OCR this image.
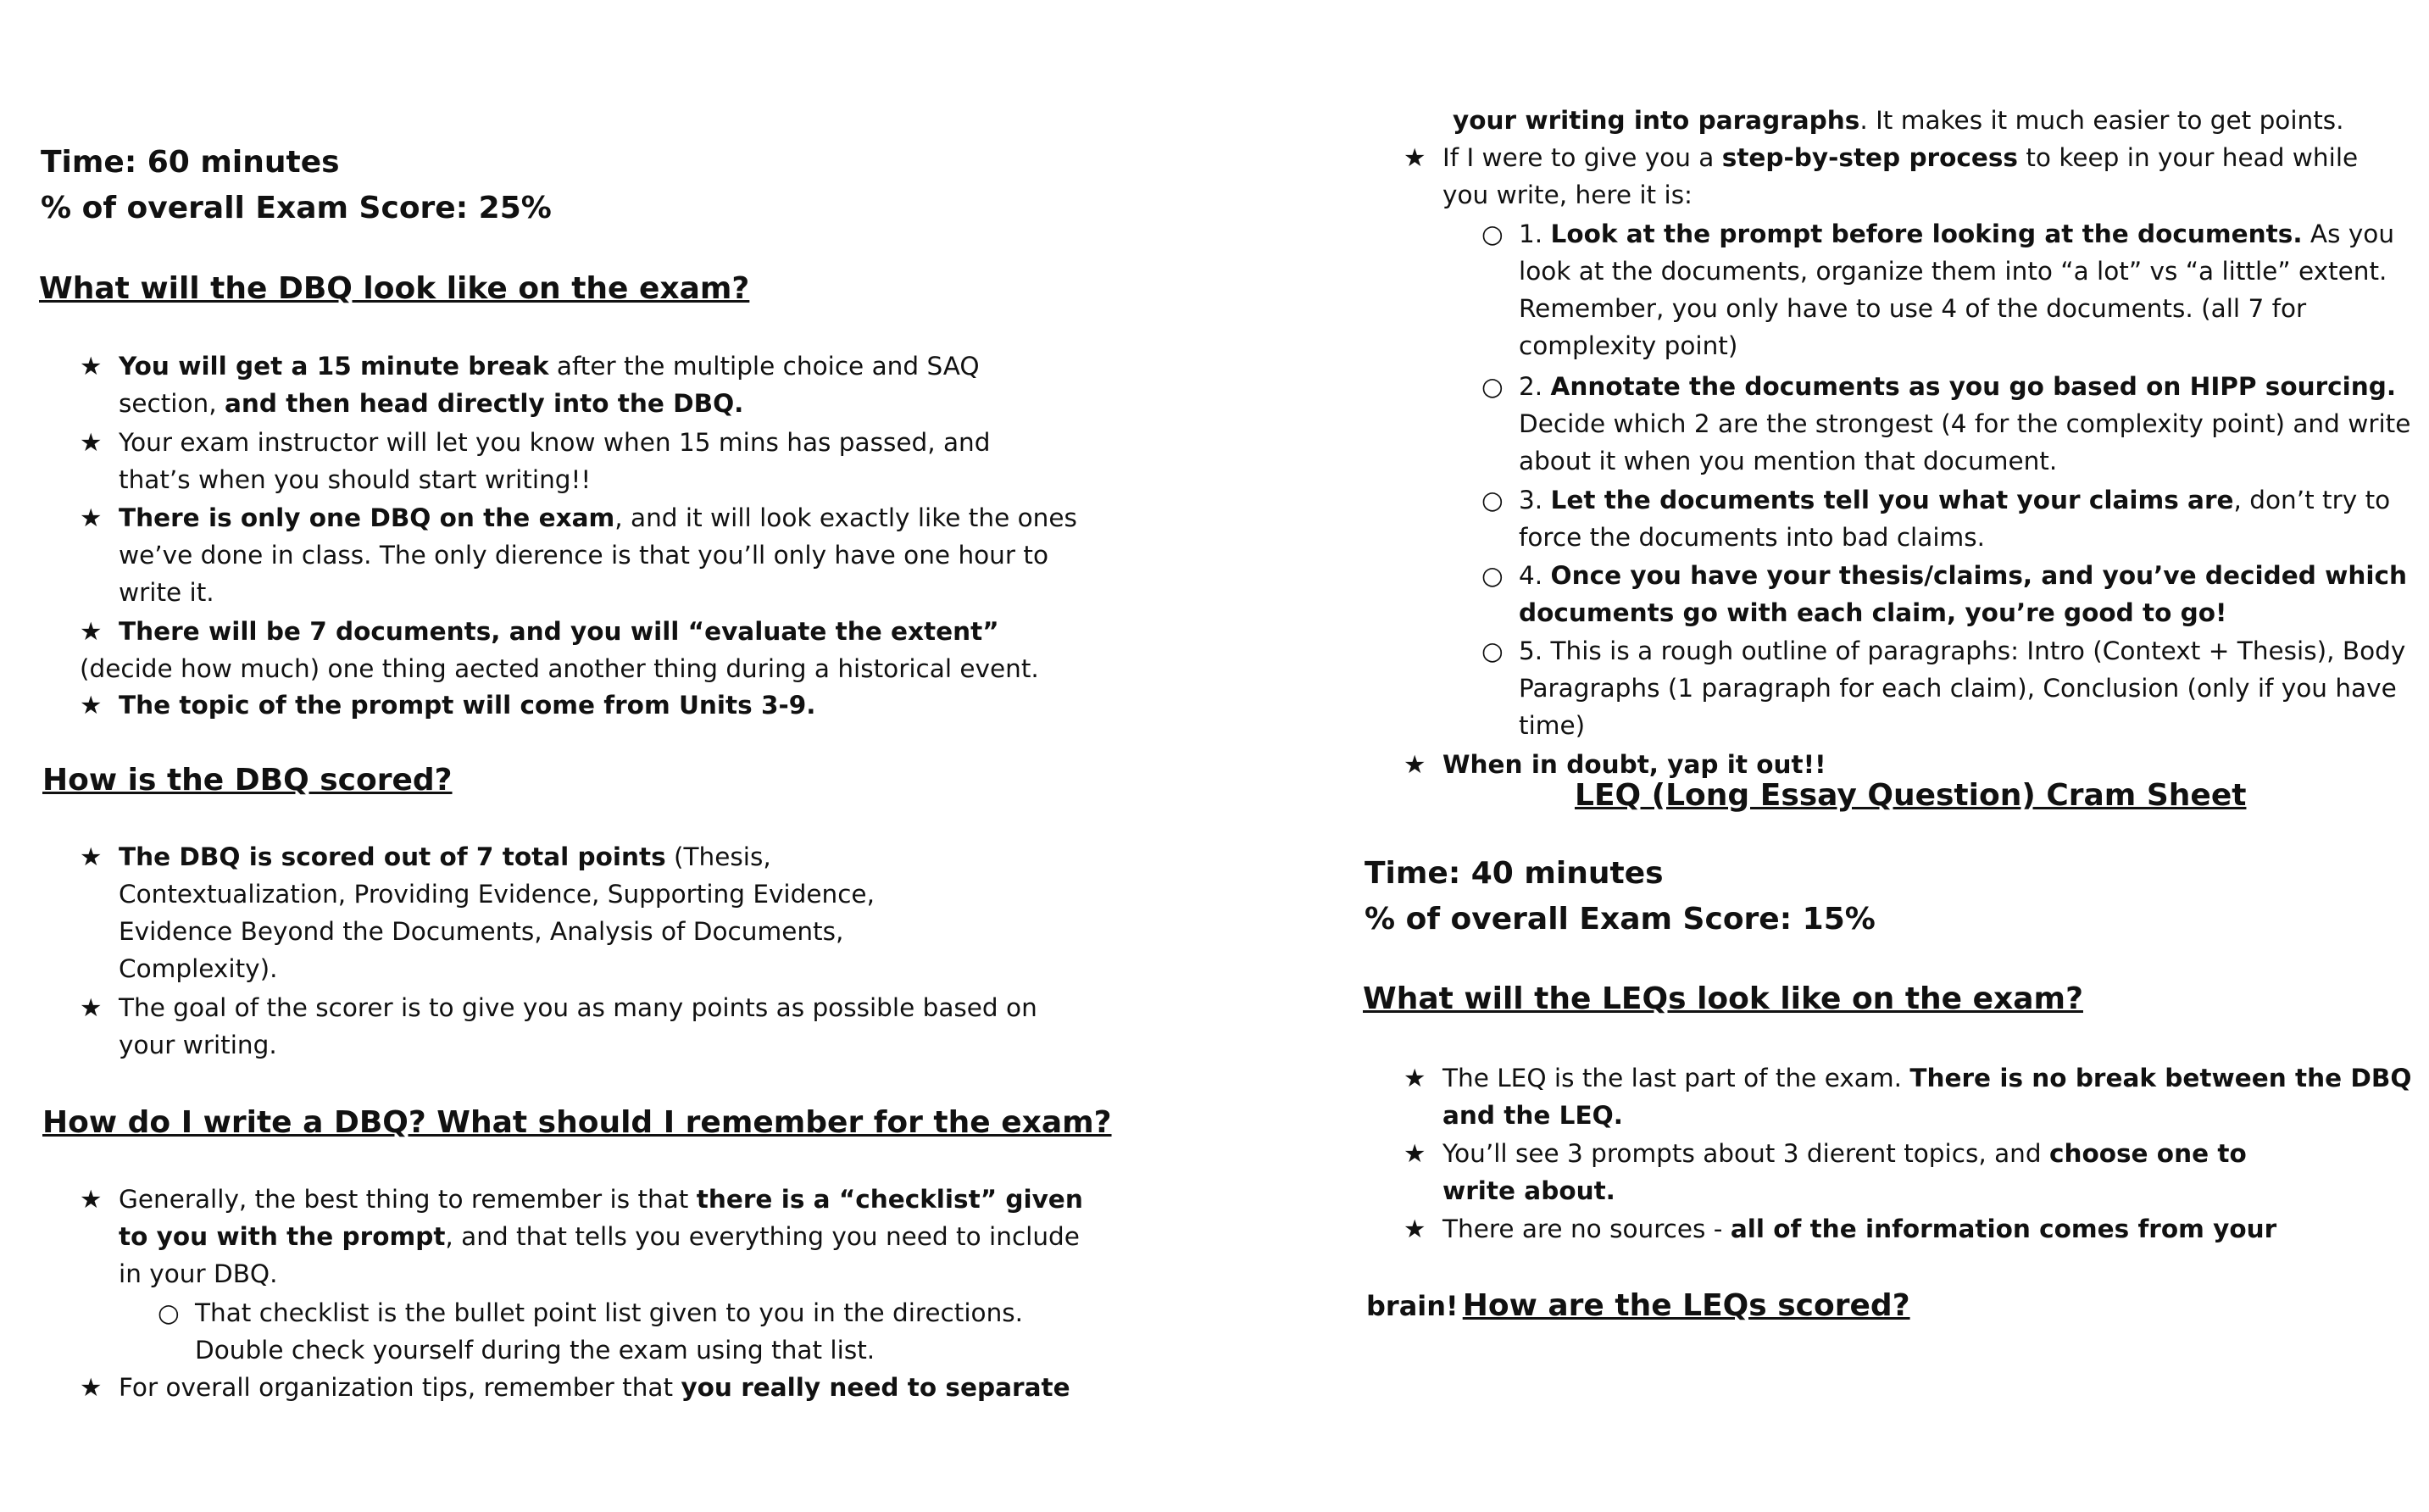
Time: 60 minutes
% of overall Exam Score: 25%
What will the DBQ look like on the exam?
★ You will get a 15 minute break after the multiple choice and SAQ section, and then head directly into the DBQ.
★ Your exam instructor will let you know when 15 mins has passed, and that’s when you should start writing!!
★ There is only one DBQ on the exam, and it will look exactly like the ones we’ve done in class. The only dierence is that you’ll only have one hour to write it.
★ There will be 7 documents, and you will “evaluate the extent”
(decide how much) one thing aected another thing during a historical event.
★ The topic of the prompt will come from Units 3-9.
How is the DBQ scored?
★ The DBQ is scored out of 7 total points (Thesis, Contextualization, Providing Evidence, Supporting Evidence, Evidence Beyond the Documents, Analysis of Documents, Complexity).
★ The goal of the scorer is to give you as many points as possible based on your writing.
How do I write a DBQ? What should I remember for the exam?
★ Generally, the best thing to remember is that there is a “checklist” given to you with the prompt, and that tells you everything you need to include in your DBQ.
○ That checklist is the bullet point list given to you in the directions. Double check yourself during the exam using that list.
★ For overall organization tips, remember that you really need to separate
your writing into paragraphs. It makes it much easier to get points.
★ If I were to give you a step-by-step process to keep in your head while you write, here it is:
○ 1. Look at the prompt before looking at the documents. As you look at the documents, organize them into “a lot” vs “a little” extent. Remember, you only have to use 4 of the documents. (all 7 for complexity point)
○ 2. Annotate the documents as you go based on HIPP sourcing. Decide which 2 are the strongest (4 for the complexity point) and write about it when you mention that document.
○ 3. Let the documents tell you what your claims are, don’t try to force the documents into bad claims.
○ 4. Once you have your thesis/claims, and you’ve decided which documents go with each claim, you’re good to go!
○ 5. This is a rough outline of paragraphs: Intro (Context + Thesis), Body Paragraphs (1 paragraph for each claim), Conclusion (only if you have time)
★ When in doubt, yap it out!!
LEQ (Long Essay Question) Cram Sheet
Time: 40 minutes
% of overall Exam Score: 15%
What will the LEQs look like on the exam?
★ The LEQ is the last part of the exam. There is no break between the DBQ and the LEQ.
★ You’ll see 3 prompts about 3 dierent topics, and choose one to write about.
★ There are no sources - all of the information comes from your
brain! How are the LEQs scored?
